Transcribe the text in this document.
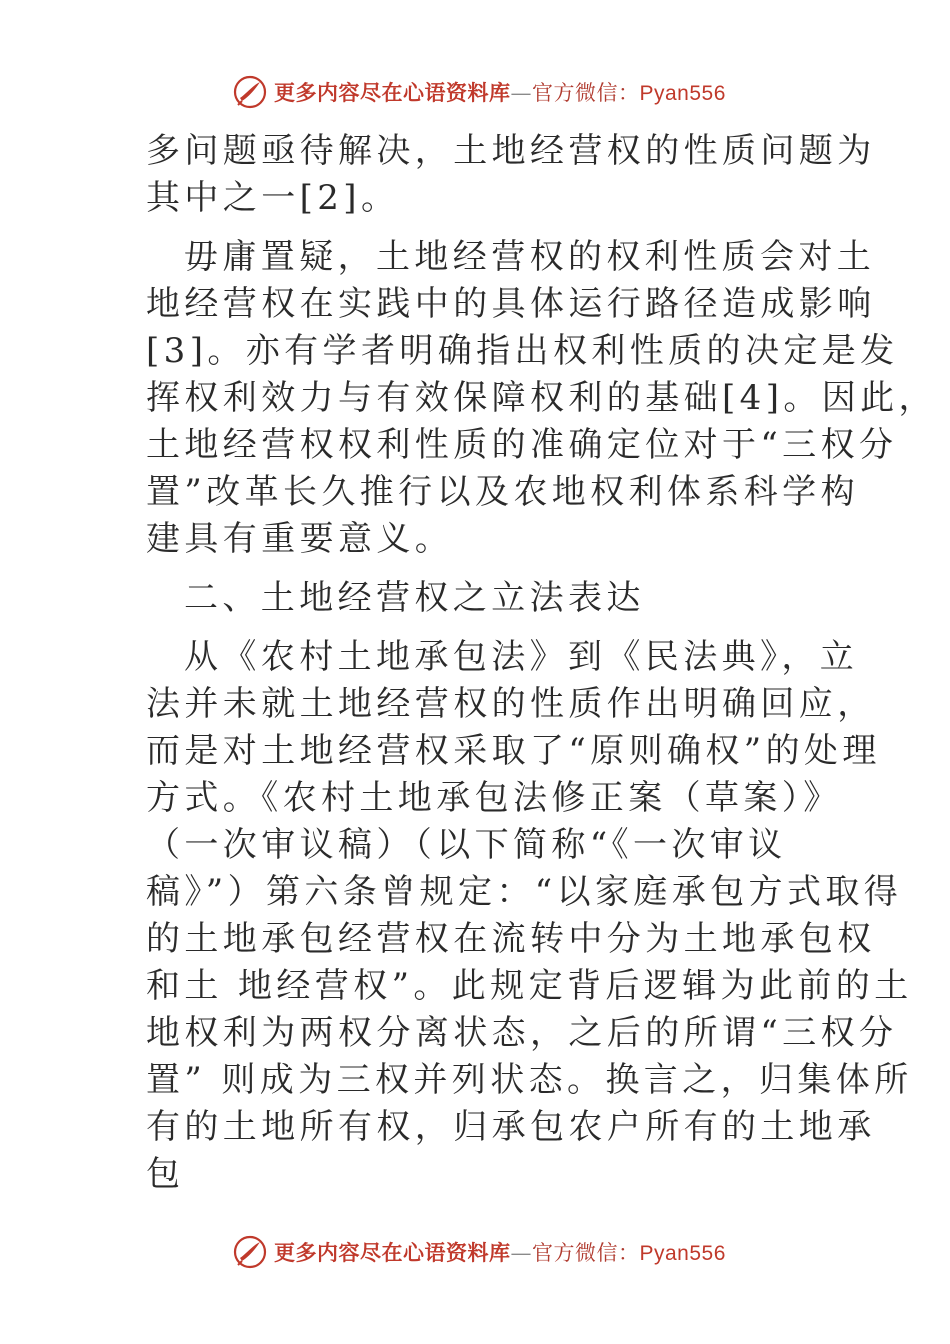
更多内容尽在心语资料库—官方微信：Pyan556
多问题亟待解决，土地经营权的性质问题为
其中之一[2]。
毋庸置疑，土地经营权的权利性质会对土
地经营权在实践中的具体运行路径造成影响
[3]。亦有学者明确指出权利性质的决定是发
挥权利效力与有效保障权利的基础[4]。因此，
土地经营权权利性质的准确定位对于“三权分
置”改革长久推行以及农地权利体系科学构
建具有重要意义。
二、土地经营权之立法表达
从《农村土地承包法》到《民法典》，立
法并未就土地经营权的性质作出明确回应，
而是对土地经营权采取了“原则确权”的处理
方式。《农村土地承包法修正案（草案）》
（一次审议稿）（以下简称“《一次审议
稿》”）第六条曾规定：“以家庭承包方式取得
的土地承包经营权在流转中分为土地承包权
和土 地经营权”。此规定背后逻辑为此前的土
地权利为两权分离状态，之后的所谓“三权分
置” 则成为三权并列状态。换言之，归集体所
有的土地所有权，归承包农户所有的土地承
包
更多内容尽在心语资料库—官方微信：Pyan556
